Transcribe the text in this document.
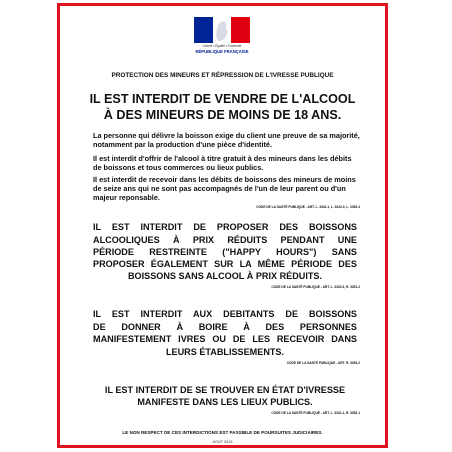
Liberté • Égalité • Fraternité
RÉPUBLIQUE FRANÇAISE
PROTECTION DES MINEURS ET RÉPRESSION DE L'IVRESSE PUBLIQUE
IL EST INTERDIT DE VENDRE DE L'ALCOOL
À DES MINEURS DE MOINS DE 18 ANS.
La personne qui délivre la boisson exige du client une preuve de sa majorité,
notamment par la production d'une pièce d'identité.
Il est interdit d'offrir de l'alcool à titre gratuit à des mineurs dans les débits
de boissons et tous commerces ou lieux publics.
Il est interdit de recevoir dans les débits de boissons des mineurs de moins
de seize ans qui ne sont pas accompagnés de l'un de leur parent ou d'un
majeur reponsable.
CODE DE LA SANTÉ PUBLIQUE - ART. L. 3342-1, L. 3342-3, L. 3353-3
IL EST INTERDIT DE PROPOSER DES BOISSONS
ALCOOLIQUES À PRIX RÉDUITS PENDANT UNE
PÉRIODE RESTREINTE ("HAPPY HOURS") SANS
PROPOSER ÉGALEMENT SUR LA MÊME PÉRIODE DES
BOISSONS SANS ALCOOL À PRIX RÉDUITS.
CODE DE LA SANTÉ PUBLIQUE - ART. L. 3322-9, R. 3351-2
IL EST INTERDIT AUX DEBITANTS DE BOISSONS
DE DONNER À BOIRE À DES PERSONNES
MANIFESTEMENT IVRES OU DE LES RECEVOIR DANS
LEURS ÉTABLISSEMENTS.
CODE DE LA SANTÉ PUBLIQUE - ART. R. 3353-2
IL EST INTERDIT DE SE TROUVER EN ÉTAT D'IVRESSE
MANIFESTE DANS LES LIEUX PUBLICS.
CODE DE LA SANTÉ PUBLIQUE - ART. L. 3341-1, R. 3353-1
LE NON RESPECT DE CES INTERDICTIONS EST PASSIBLE DE POURSUITES JUDICIAIRES.
AOÛT 2016
